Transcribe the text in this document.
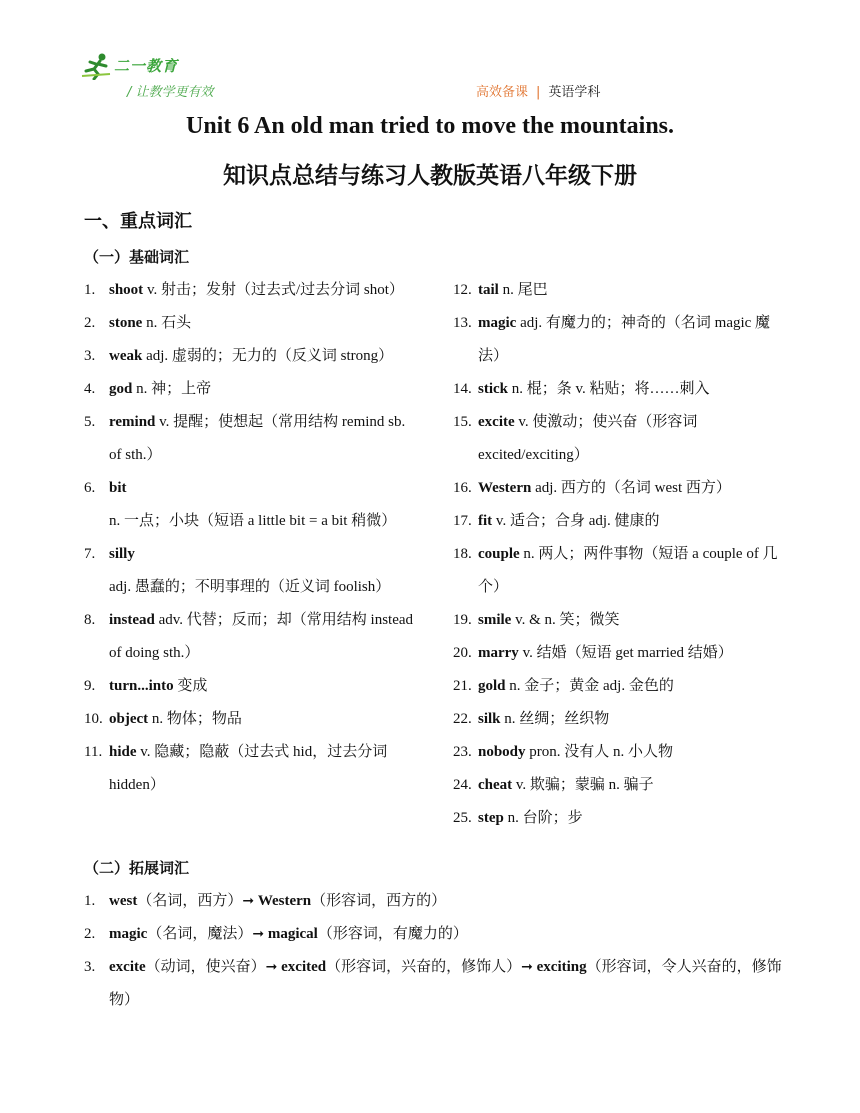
二一教育
/ 让教学更有效	高效备课 | 英语学科
Unit 6 An old man tried to move the mountains.
知识点总结与练习人教版英语八年级下册
一、重点词汇
（一）基础词汇
1. shoot v. 射击；发射（过去式/过去分词 shot）
2. stone n. 石头
3. weak adj. 虚弱的；无力的（反义词 strong）
4. god n. 神；上帝
5. remind v. 提醒；使想起（常用结构 remind sb. of sth.）
6. bit n. 一点；小块（短语 a little bit = a bit 稍微）
7. silly adj. 愚蠢的；不明事理的（近义词 foolish）
8. instead adv. 代替；反而；却（常用结构 instead of doing sth.）
9. turn...into 变成
10. object n. 物体；物品
11. hide v. 隐藏；隐蔽（过去式 hid，过去分词 hidden）
12. tail n. 尾巴
13. magic adj. 有魔力的；神奇的（名词 magic 魔法）
14. stick n. 棍；条 v. 粘贴；将……刺入
15. excite v. 使激动；使兴奋（形容词 excited/exciting）
16. Western adj. 西方的（名词 west 西方）
17. fit v. 适合；合身 adj. 健康的
18. couple n. 两人；两件事物（短语 a couple of 几个）
19. smile v. & n. 笑；微笑
20. marry v. 结婚（短语 get married 结婚）
21. gold n. 金子；黄金 adj. 金色的
22. silk n. 丝绸；丝织物
23. nobody pron. 没有人 n. 小人物
24. cheat v. 欺骗；蒙骗 n. 骗子
25. step n. 台阶；步
（二）拓展词汇
1. west（名词，西方）➞ Western（形容词，西方的）
2. magic（名词，魔法）➞ magical（形容词，有魔力的）
3. excite（动词，使兴奋）➞ excited（形容词，兴奋的，修饰人）➞ exciting（形容词，令人兴奋的，修饰物）
